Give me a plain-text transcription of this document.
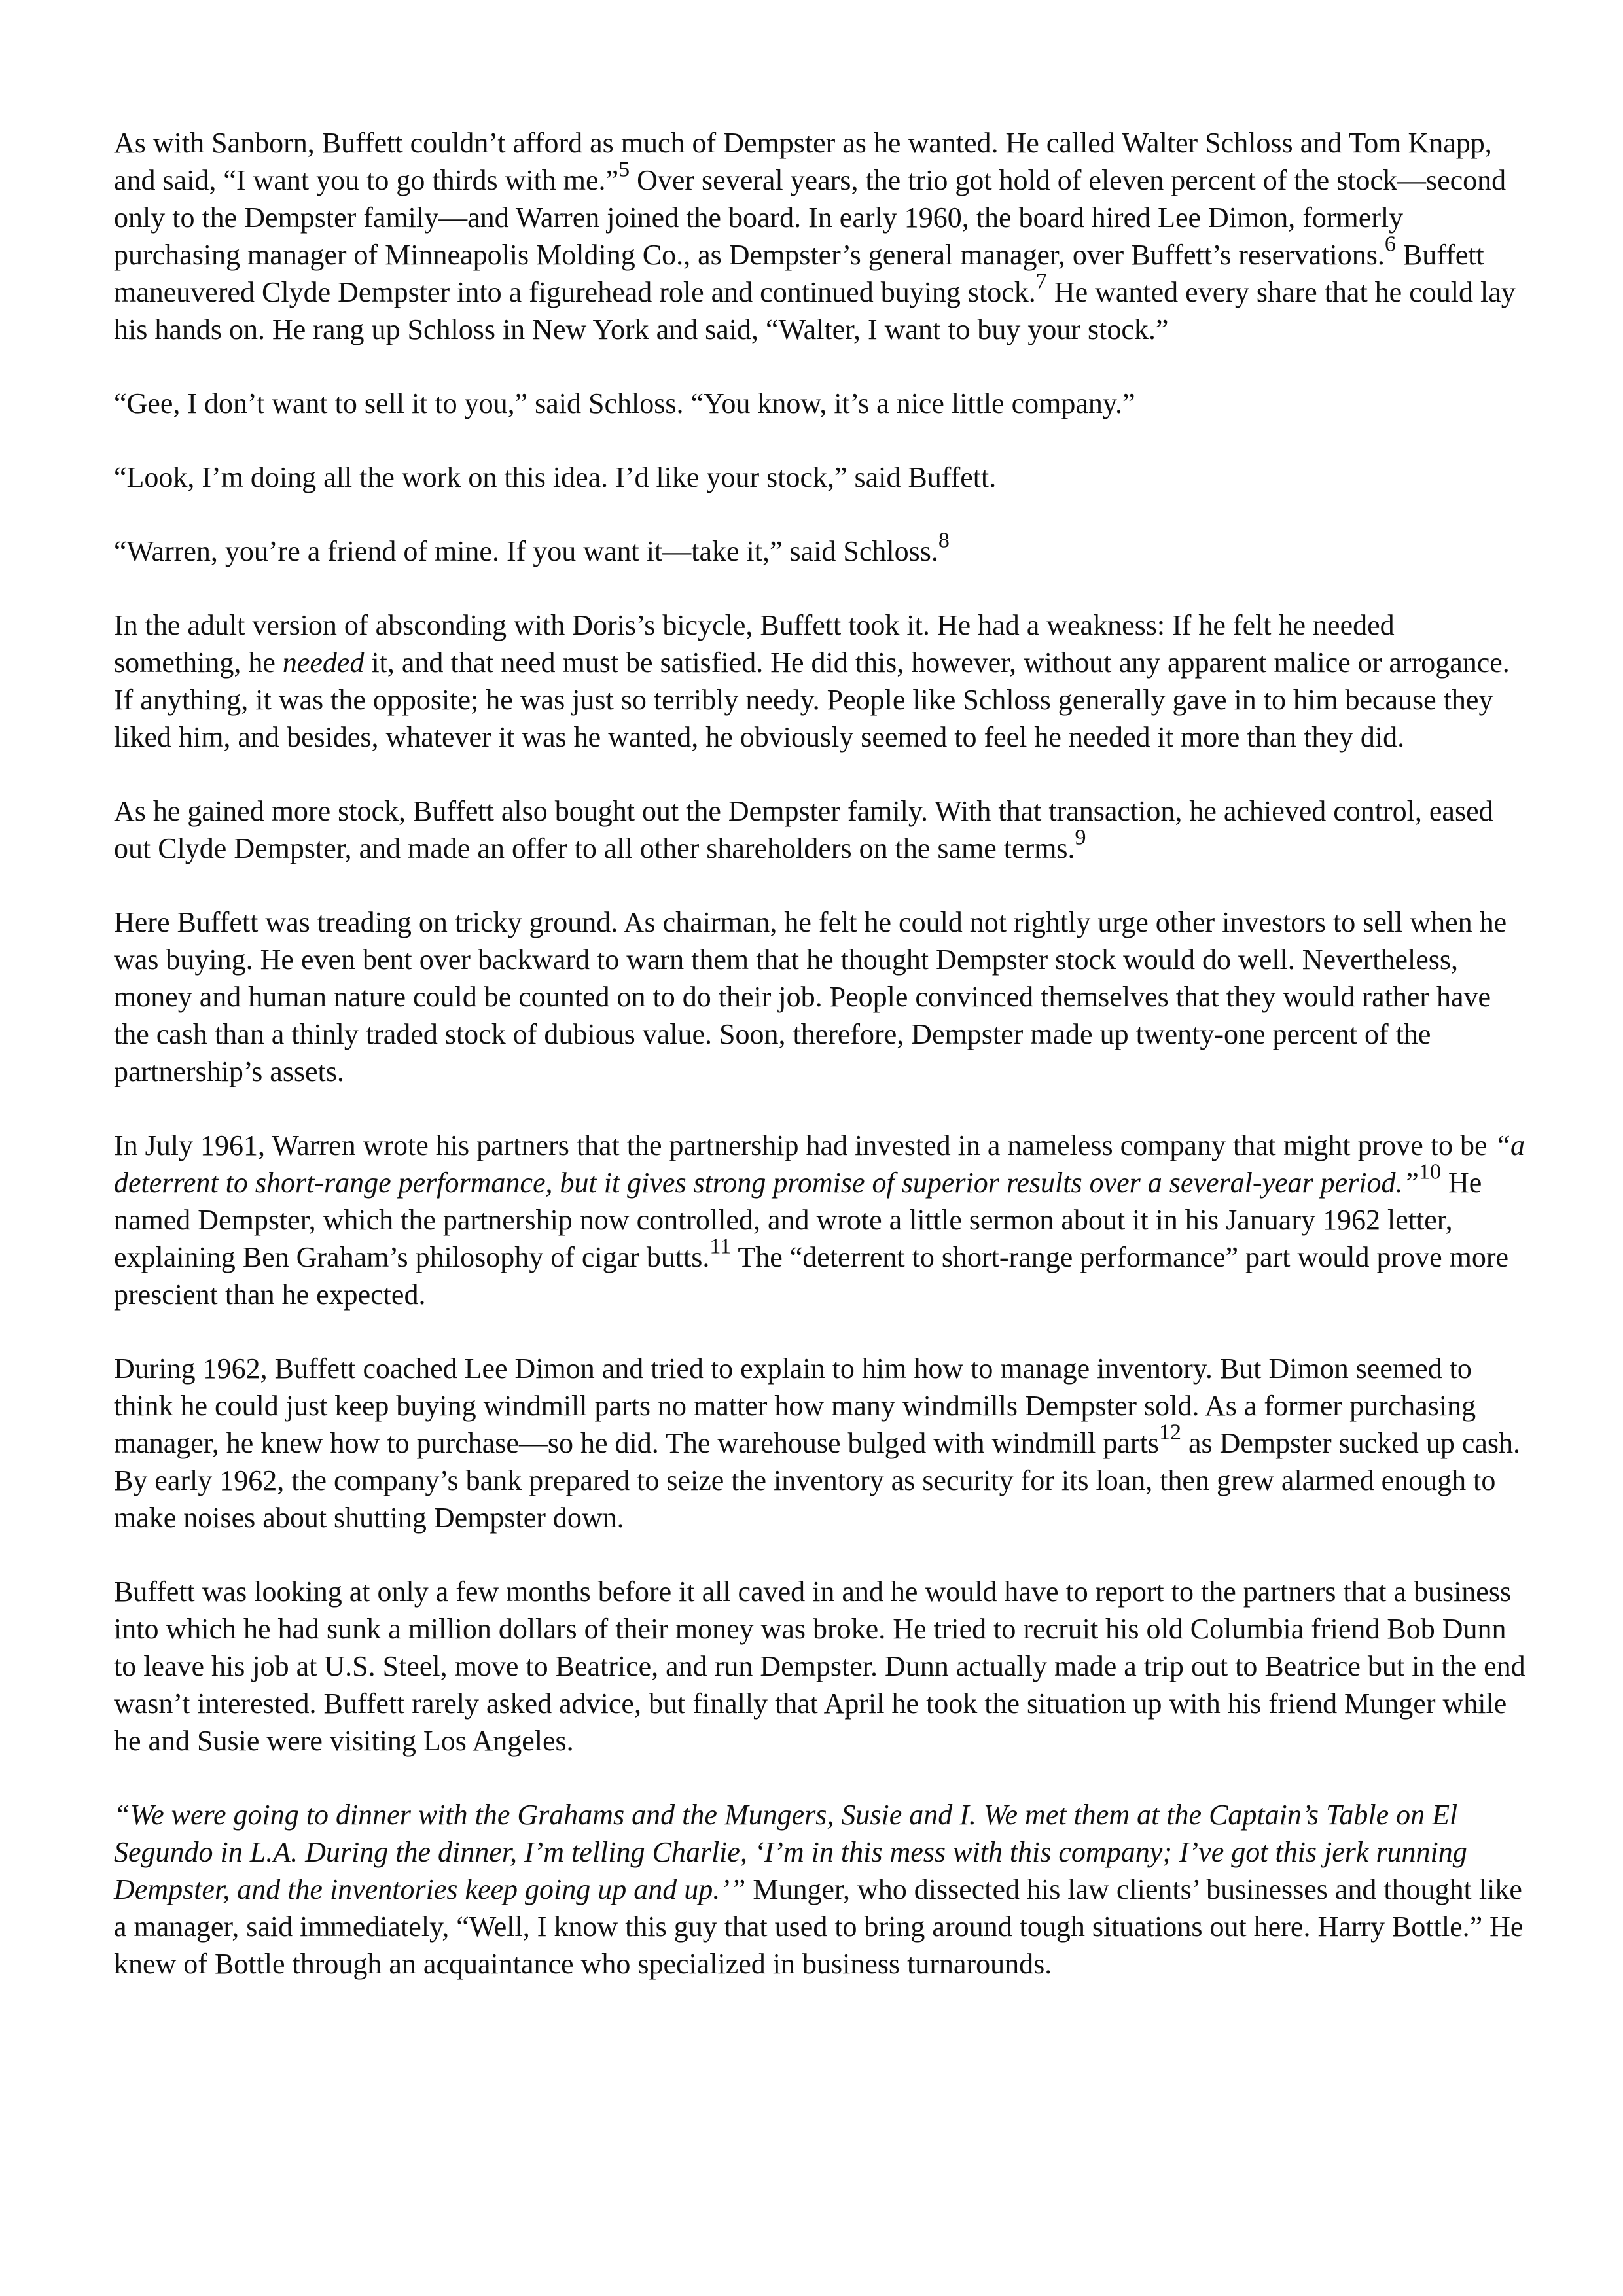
As with Sanborn, Buffett couldn’t afford as much of Dempster as he wanted. He called Walter Schloss and Tom Knapp, and said, “I want you to go thirds with me.”$^5$ Over several years, the trio got hold of eleven percent of the stock—second only to the Dempster family—and Warren joined the board. In early 1960, the board hired Lee Dimon, formerly purchasing manager of Minneapolis Molding Co., as Dempster’s general manager, over Buffett’s reservations.$^6$ Buffett maneuvered Clyde Dempster into a figurehead role and continued buying stock.$^7$ He wanted every share that he could lay his hands on. He rang up Schloss in New York and said, “Walter, I want to buy your stock.”

“Gee, I don’t want to sell it to you,” said Schloss. “You know, it’s a nice little company.”

“Look, I’m doing all the work on this idea. I’d like your stock,” said Buffett.

“Warren, you’re a friend of mine. If you want it—take it,” said Schloss.$^8$

In the adult version of absconding with Doris’s bicycle, Buffett took it. He had a weakness: If he felt he needed something, he needed it, and that need must be satisfied. He did this, however, without any apparent malice or arrogance. If anything, it was the opposite; he was just so terribly needy. People like Schloss generally gave in to him because they liked him, and besides, whatever it was he wanted, he obviously seemed to feel he needed it more than they did.

As he gained more stock, Buffett also bought out the Dempster family. With that transaction, he achieved control, eased out Clyde Dempster, and made an offer to all other shareholders on the same terms.$^9$

Here Buffett was treading on tricky ground. As chairman, he felt he could not rightly urge other investors to sell when he was buying. He even bent over backward to warn them that he thought Dempster stock would do well. Nevertheless, money and human nature could be counted on to do their job. People convinced themselves that they would rather have the cash than a thinly traded stock of dubious value. Soon, therefore, Dempster made up twenty-one percent of the partnership’s assets.

In July 1961, Warren wrote his partners that the partnership had invested in a nameless company that might prove to be “a deterrent to short-range performance, but it gives strong promise of superior results over a several-year period.”$^{10}$ He named Dempster, which the partnership now controlled, and wrote a little sermon about it in his January 1962 letter, explaining Ben Graham’s philosophy of cigar butts.$^{11}$ The “deterrent to short-range performance” part would prove more prescient than he expected.

During 1962, Buffett coached Lee Dimon and tried to explain to him how to manage inventory. But Dimon seemed to think he could just keep buying windmill parts no matter how many windmills Dempster sold. As a former purchasing manager, he knew how to purchase—so he did. The warehouse bulged with windmill parts$^{12}$ as Dempster sucked up cash. By early 1962, the company’s bank prepared to seize the inventory as security for its loan, then grew alarmed enough to make noises about shutting Dempster down.

Buffett was looking at only a few months before it all caved in and he would have to report to the partners that a business into which he had sunk a million dollars of their money was broke. He tried to recruit his old Columbia friend Bob Dunn to leave his job at U.S. Steel, move to Beatrice, and run Dempster. Dunn actually made a trip out to Beatrice but in the end wasn’t interested. Buffett rarely asked advice, but finally that April he took the situation up with his friend Munger while he and Susie were visiting Los Angeles.

“We were going to dinner with the Grahams and the Mungers, Susie and I. We met them at the Captain’s Table on El Segundo in L.A. During the dinner, I’m telling Charlie, ‘I’m in this mess with this company; I’ve got this jerk running Dempster, and the inventories keep going up and up.’” Munger, who dissected his law clients’ businesses and thought like a manager, said immediately, “Well, I know this guy that used to bring around tough situations out here. Harry Bottle.” He knew of Bottle through an acquaintance who specialized in business turnarounds.
